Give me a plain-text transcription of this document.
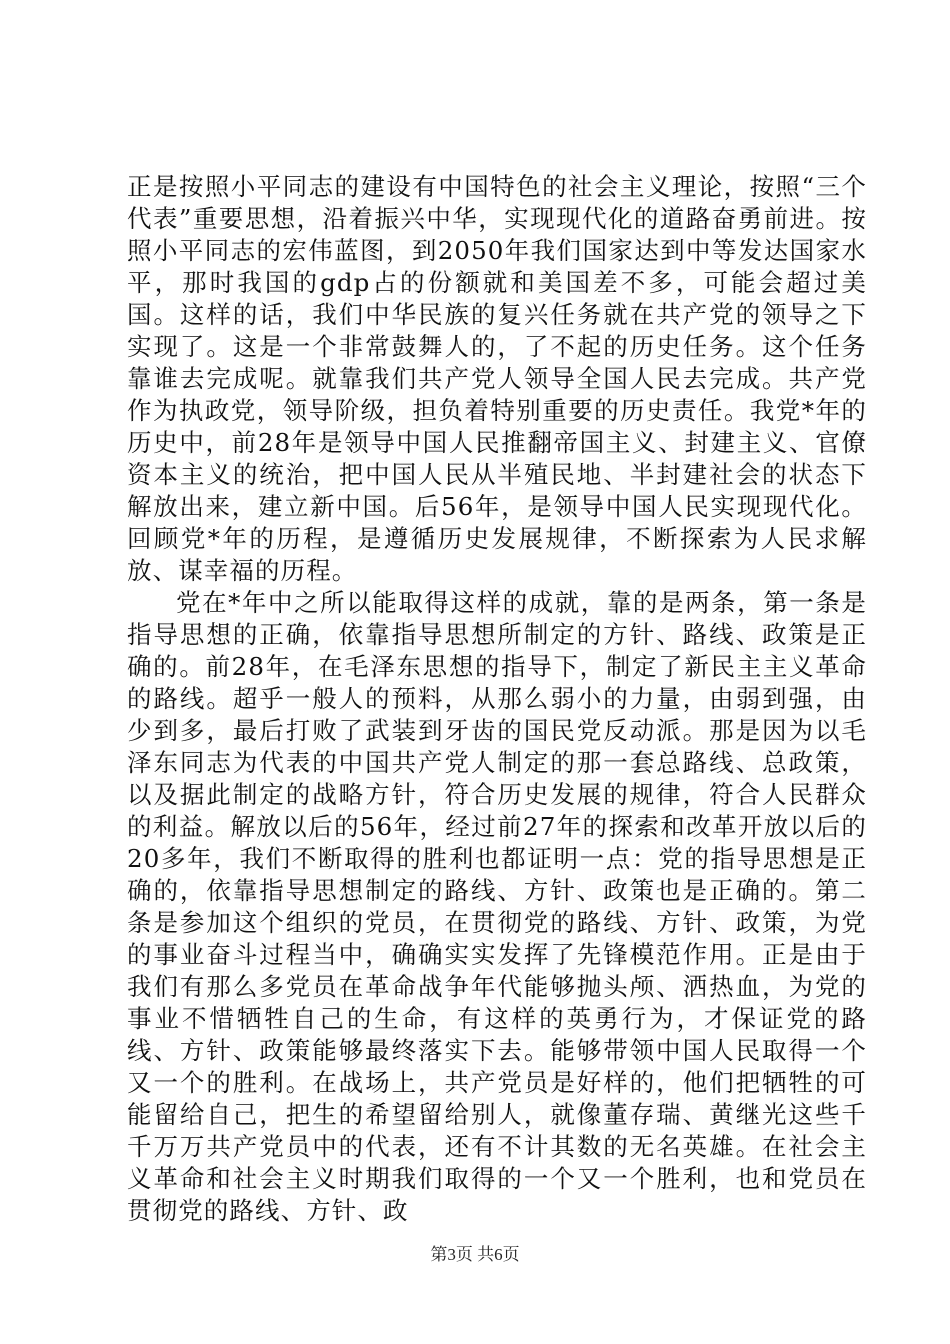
正是按照小平同志的建设有中国特色的社会主义理论，按照“三个代表”重要思想，沿着振兴中华，实现现代化的道路奋勇前进。按照小平同志的宏伟蓝图，到2050年我们国家达到中等发达国家水平，那时我国的gdp占的份额就和美国差不多，可能会超过美国。这样的话，我们中华民族的复兴任务就在共产党的领导之下实现了。这是一个非常鼓舞人的，了不起的历史任务。这个任务靠谁去完成呢。就靠我们共产党人领导全国人民去完成。共产党作为执政党，领导阶级，担负着特别重要的历史责任。我党*年的历史中，前28年是领导中国人民推翻帝国主义、封建主义、官僚资本主义的统治，把中国人民从半殖民地、半封建社会的状态下解放出来，建立新中国。后56年，是领导中国人民实现现代化。回顾党*年的历程，是遵循历史发展规律，不断探索为人民求解放、谋幸福的历程。

党在*年中之所以能取得这样的成就，靠的是两条，第一条是指导思想的正确，依靠指导思想所制定的方针、路线、政策是正确的。前28年，在毛泽东思想的指导下，制定了新民主主义革命的路线。超乎一般人的预料，从那么弱小的力量，由弱到强，由少到多，最后打败了武装到牙齿的国民党反动派。那是因为以毛泽东同志为代表的中国共产党人制定的那一套总路线、总政策，以及据此制定的战略方针，符合历史发展的规律，符合人民群众的利益。解放以后的56年，经过前27年的探索和改革开放以后的20多年，我们不断取得的胜利也都证明一点：党的指导思想是正确的，依靠指导思想制定的路线、方针、政策也是正确的。第二条是参加这个组织的党员，在贯彻党的路线、方针、政策，为党的事业奋斗过程当中，确确实实发挥了先锋模范作用。正是由于我们有那么多党员在革命战争年代能够抛头颅、洒热血，为党的事业不惜牺牲自己的生命，有这样的英勇行为，才保证党的路线、方针、政策能够最终落实下去。能够带领中国人民取得一个又一个的胜利。在战场上，共产党员是好样的，他们把牺牲的可能留给自己，把生的希望留给别人，就像董存瑞、黄继光这些千千万万共产党员中的代表，还有不计其数的无名英雄。在社会主义革命和社会主义时期我们取得的一个又一个胜利，也和党员在贯彻党的路线、方针、政

第3页 共6页
